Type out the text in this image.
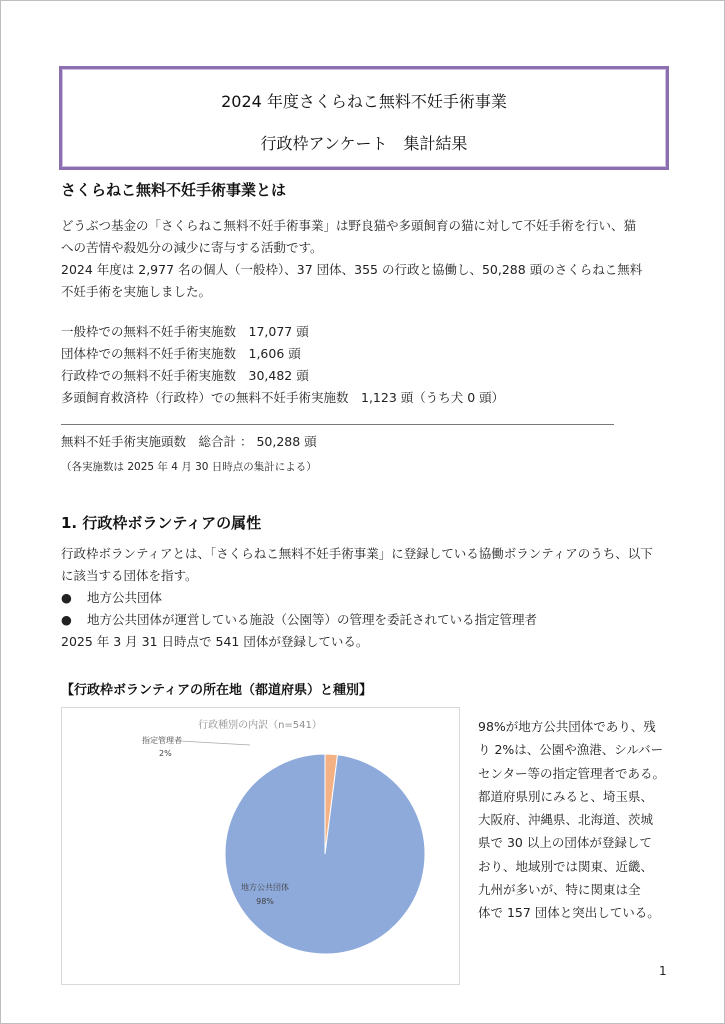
2024 年度さくらねこ無料不妊手術事業
行政枠アンケート　集計結果
さくらねこ無料不妊手術事業とは
どうぶつ基金の「さくらねこ無料不妊手術事業」は野良猫や多頭飼育の猫に対して不妊手術を行い、猫
への苦情や殺処分の減少に寄与する活動です。
2024 年度は 2,977 名の個人（一般枠）、37 団体、355 の行政と協働し、50,288 頭のさくらねこ無料
不妊手術を実施しました。
一般枠での無料不妊手術実施数　17,077 頭
団体枠での無料不妊手術実施数　1,606 頭
行政枠での無料不妊手術実施数　30,482 頭
多頭飼育救済枠（行政枠）での無料不妊手術実施数　1,123 頭（うち犬 0 頭）
無料不妊手術実施頭数　総合計 ： 50,288 頭
（各実施数は 2025 年 4 月 30 日時点の集計による）
1. 行政枠ボランティアの属性
行政枠ボランティアとは、「さくらねこ無料不妊手術事業」に登録している協働ボランティアのうち、以下
に該当する団体を指す。
● 地方公共団体
● 地方公共団体が運営している施設（公園等）の管理を委託されている指定管理者
2025 年 3 月 31 日時点で 541 団体が登録している。
【行政枠ボランティアの所在地（都道府県）と種別】
行政種別の内訳（n=541）
指定管理者
2%
地方公共団体
98%
98%が地方公共団体であり、残
り 2%は、公園や漁港、シルバー
センター等の指定管理者である。
都道府県別にみると、埼玉県、
大阪府、沖縄県、北海道、茨城
県で 30 以上の団体が登録して
おり、地域別では関東、近畿、
九州が多いが、特に関東は全
体で 157 団体と突出している。
1
